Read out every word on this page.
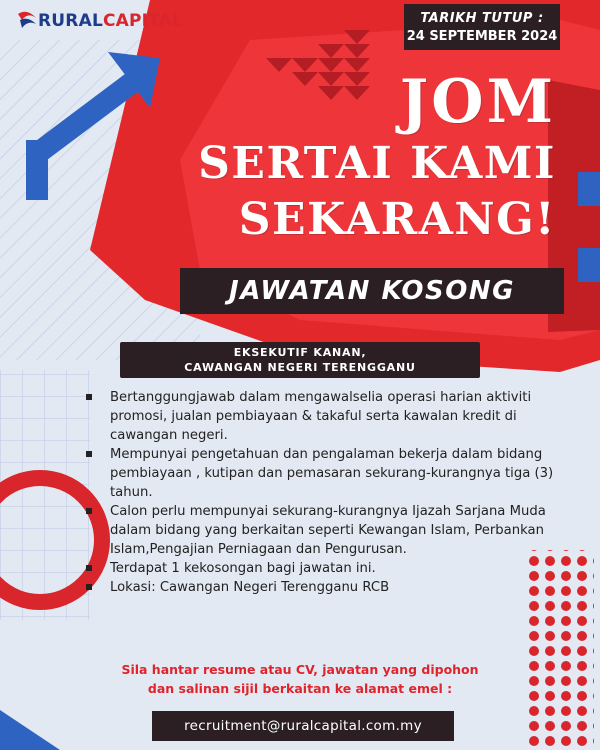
RURALCAPITAL	TARIKH TUTUP :
24 SEPTEMBER 2024
JOM
SERTAI KAMI
SEKARANG!
JAWATAN KOSONG
EKSEKUTIF KANAN,
CAWANGAN NEGERI TERENGGANU
Bertanggungjawab dalam mengawalselia operasi harian aktiviti promosi, jualan pembiayaan & takaful serta kawalan kredit di cawangan negeri.
Mempunyai pengetahuan dan pengalaman bekerja dalam bidang pembiayaan , kutipan dan pemasaran sekurang-kurangnya tiga (3) tahun.
Calon perlu mempunyai sekurang-kurangnya Ijazah Sarjana Muda dalam bidang yang berkaitan seperti Kewangan Islam, Perbankan Islam,Pengajian Perniagaan dan Pengurusan.
Terdapat 1 kekosongan bagi jawatan ini.
Lokasi: Cawangan Negeri Terengganu RCB
Sila hantar resume atau CV, jawatan yang dipohon
dan salinan sijil berkaitan ke alamat emel :
recruitment@ruralcapital.com.my
